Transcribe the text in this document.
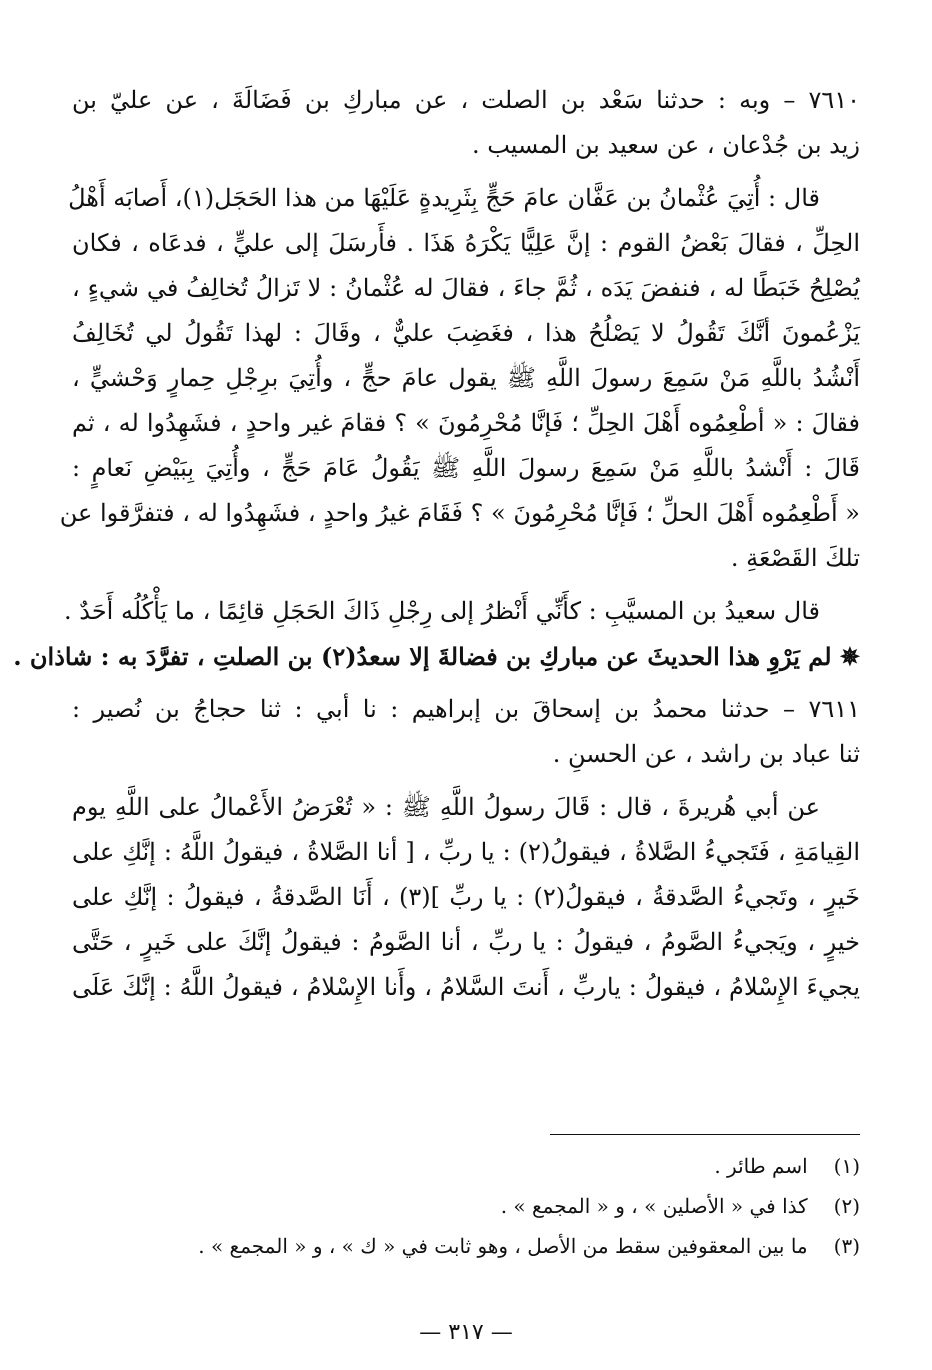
٧٦١٠ – وبه : حدثنا سَعْد بن الصلت ، عن مباركِ بن فَضَالَةَ ، عن عليّ بن
زيد بن جُدْعان ، عن سعيد بن المسيب .
قال : أُتِيَ عُثْمانُ بن عَفَّان عامَ حَجٍّ بِثَرِيدةٍ عَلَيْهَا من هذا الحَجَل(١)، أَصابَه أَهْلُ
الحِلِّ ، فقالَ بَعْضُ القوم : إنَّ عَلِيًّا يَكْرَهُ هَذَا . فأَرسَلَ إلى عليٍّ ، فدعَاه ، فكان
يُصْلِحُ خَبَطًا له ، فنفضَ يَدَه ، ثُمَّ جاءَ ، فقالَ له عُثْمانُ : لا تَزالُ تُخالِفُ في شيءٍ ،
يَزْعُمونَ أنَّكَ تَقُولُ لا يَصْلُحُ هذا ، فغَضِبَ عليٌّ ، وقَالَ : لهذا تَقُولُ لي تُخَالِفُ
أَنْشُدُ باللَّهِ مَنْ سَمِعَ رسولَ اللَّهِ ﷺ يقول عامَ حجٍّ ، وأُتِيَ برِجْلِ حِمارٍ وَحْشيٍّ ،
فقالَ : « أطْعِمُوه أَهْلَ الحِلِّ ؛ فَإنَّا مُحْرِمُونَ » ؟ فقامَ غير واحدٍ ، فشَهِدُوا له ، ثم
قَالَ : أَنْشدُ باللَّهِ مَنْ سَمِعَ رسولَ اللَّهِ ﷺ يَقُولُ عَامَ حَجٍّ ، وأُتِيَ بِبَيْضِ نَعامٍ :
« أَطْعِمُوه أَهْلَ الحلِّ ؛ فَإنَّا مُحْرِمُونَ » ؟ فَقَامَ غيرُ واحدٍ ، فشَهِدُوا له ، فتفرَّقوا عن
تلكَ القَصْعَةِ .
قال سعيدُ بن المسيَّبِ : كأَنِّي أَنْظرُ إلى رِجْلِ ذَاكَ الحَجَلِ قائِمًا ، ما يَأْكُلُه أَحَدٌ .
✵ لم يَرْوِ هذا الحديثَ عن مباركِ بن فضالةَ إلا سعدُ(٢) بن الصلتِ ، تفرَّدَ به : شاذان .
٧٦١١ – حدثنا محمدُ بن إسحاقَ بن إبراهيم : نا أبي : ثنا حجاجُ بن نُصير :
ثنا عباد بن راشد ، عن الحسنِ .
عن أبي هُريرةَ ، قال : قَالَ رسولُ اللَّهِ ﷺ : « تُعْرَضُ الأَعْمالُ على اللَّهِ يوم
القِيامَةِ ، فَتَجيءُ الصَّلاةُ ، فيقولُ(٢) : يا ربِّ ، [ أنا الصَّلاةُ ، فيقولُ اللَّهُ : إنَّكِ على
خَيرٍ ، وتَجيءُ الصَّدقةُ ، فيقولُ(٢) : يا ربِّ ](٣) ، أَنَا الصَّدقةُ ، فيقولُ : إنَّكِ على
خيرٍ ، ويَجيءُ الصَّومُ ، فيقولُ : يا ربِّ ، أنا الصَّومُ : فيقولُ إنَّكَ على خَيرٍ ، حَتَّى
يجيءَ الإِسْلامُ ، فيقولُ : ياربِّ ، أَنتَ السَّلامُ ، وأَنا الإِسْلامُ ، فيقولُ اللَّهُ : إنَّكَ عَلَى
(١) اسم طائر .
(٢) كذا في « الأصلين » ، و « المجمع » .
(٣) ما بين المعقوفين سقط من الأصل ، وهو ثابت في « ك » ، و « المجمع » .
— ٣١٧ —
